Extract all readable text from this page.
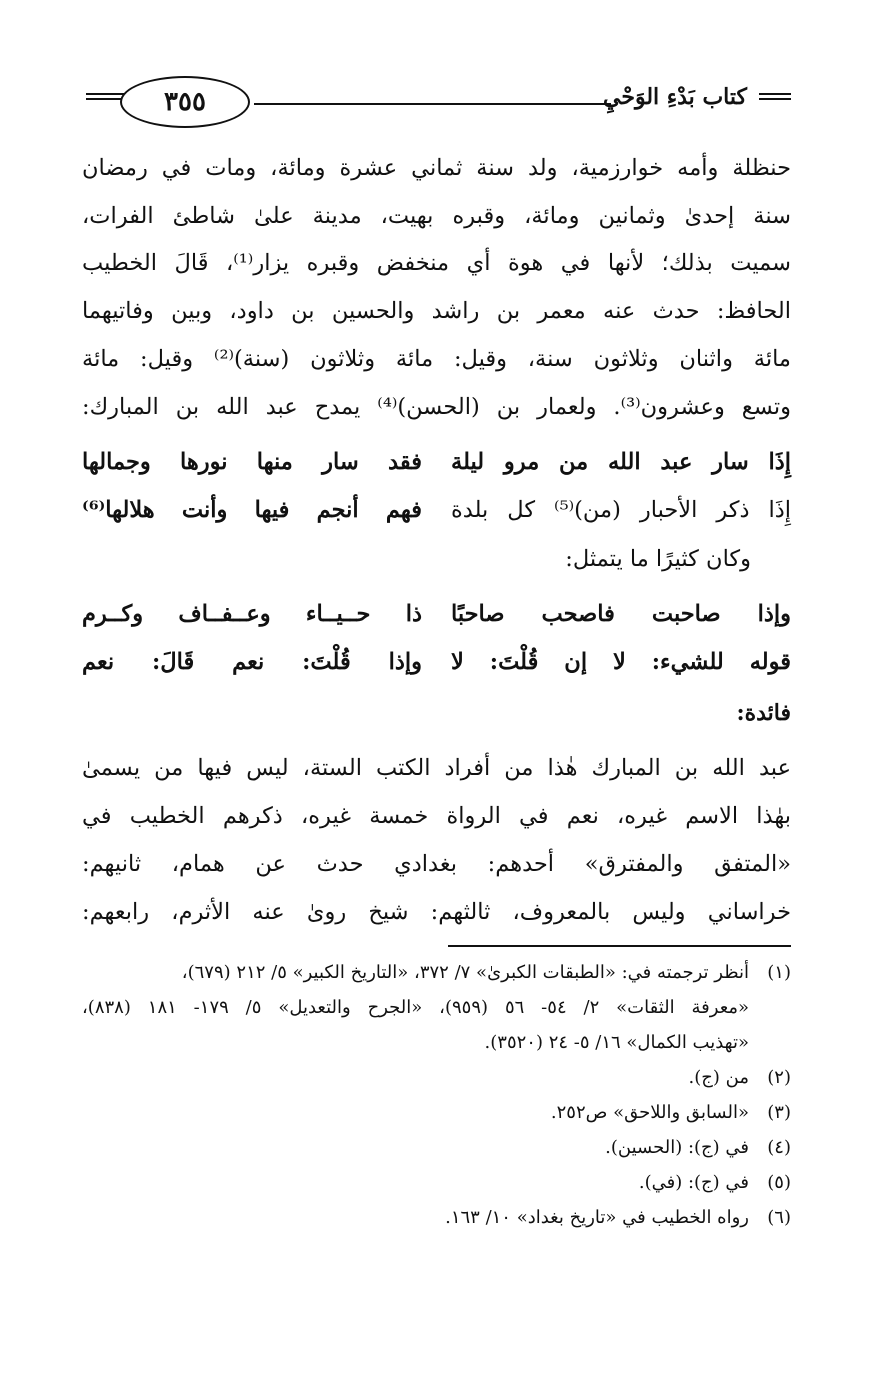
٣٥٥	كتاب بَدْءِ الوَحْيِ
حنظلة وأمه خوارزمية، ولد سنة ثماني عشرة ومائة، ومات في رمضان
سنة إحدىٰ وثمانين ومائة، وقبره بهيت، مدينة علىٰ شاطئ الفرات،
سميت بذلك؛ لأنها في هوة أي منخفض وقبره يزار⁽¹⁾، قَالَ الخطيب
الحافظ: حدث عنه معمر بن راشد والحسين بن داود، وبين وفاتيهما
مائة واثنان وثلاثون سنة، وقيل: مائة وثلاثون (سنة)⁽²⁾ وقيل: مائة
وتسع وعشرون⁽³⁾. ولعمار بن (الحسن)⁽⁴⁾ يمدح عبد الله بن المبارك:
إِذَا سار عبد الله من مرو ليلة
فقد سار منها نورها وجمالها
إِذَا ذكر الأحبار (من)⁽⁵⁾ كل بلدة
فهم أنجم فيها وأنت هلالها⁽⁶⁾
وكان كثيرًا ما يتمثل:
وإذا صاحبت فاصحب صاحبًا
ذا حــيــاء وعــفــاف وكــرم
قوله للشيء: لا إن قُلْتَ: لا
وإذا قُلْتَ: نعم قَالَ: نعم
فائدة:
عبد الله بن المبارك هٰذا من أفراد الكتب الستة، ليس فيها من يسمىٰ
بهٰذا الاسم غيره، نعم في الرواة خمسة غيره، ذكرهم الخطيب في
«المتفق والمفترق» أحدهم: بغدادي حدث عن همام، ثانيهم:
خراساني وليس بالمعروف، ثالثهم: شيخ روىٰ عنه الأثرم، رابعهم:
(١)
أنظر ترجمته في: «الطبقات الكبرىٰ» ٧/ ٣٧٢، «التاريخ الكبير» ٥/ ٢١٢ (٦٧٩)،
«معرفة الثقات» ٢/ ٥٤- ٥٦ (٩٥٩)، «الجرح والتعديل» ٥/ ١٧٩- ١٨١ (٨٣٨)،
«تهذيب الكمال» ١٦/ ٥- ٢٤ (٣٥٢٠).
(٢)
من (ج).
(٣)
«السابق واللاحق» ص٢٥٢.
(٤)
في (ج): (الحسين).
(٥)
في (ج): (في).
(٦)
رواه الخطيب في «تاريخ بغداد» ١٠/ ١٦٣.
